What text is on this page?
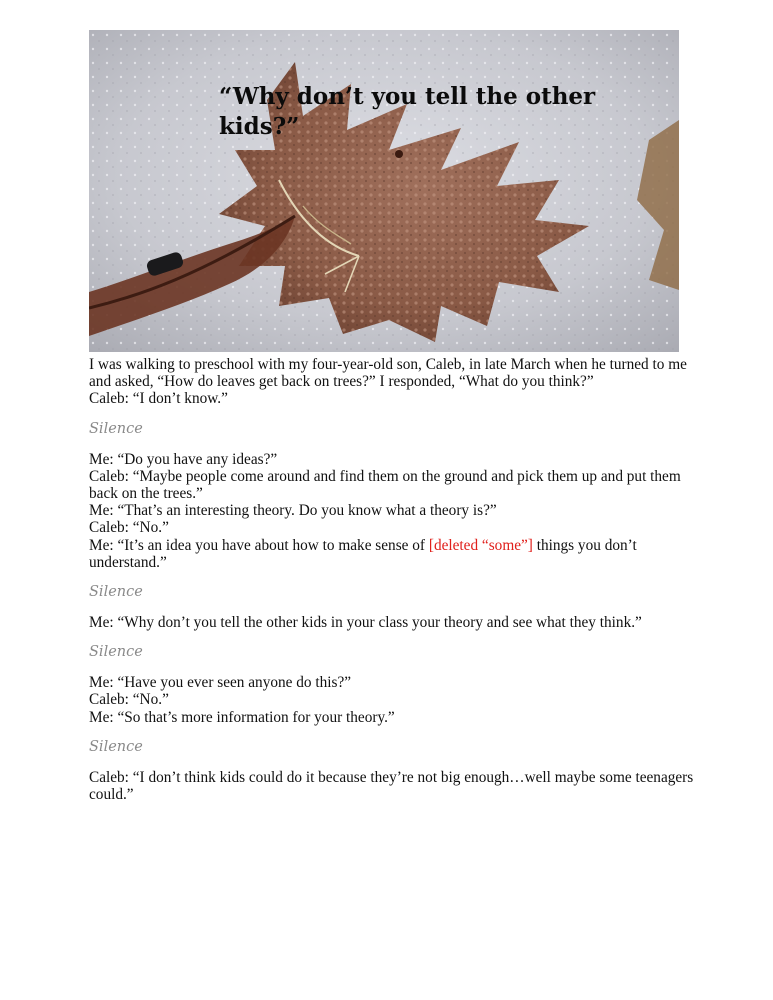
“Why don’t you tell the other kids?”

I was walking to preschool with my four-year-old son, Caleb, in late March when he turned to me and asked, “How do leaves get back on trees?” I responded, “What do you think?”

Caleb: “I don’t know.”

Silence

Me: “Do you have any ideas?”

Caleb: “Maybe people come around and find them on the ground and pick them up and put them back on the trees.”

Me: “That’s an interesting theory. Do you know what a theory is?”

Caleb: “No.”

Me: “It’s an idea you have about how to make sense of [deleted “some”] things you don’t understand.”

Silence

Me: “Why don’t you tell the other kids in your class your theory and see what they think.”

Silence

Me: “Have you ever seen anyone do this?”

Caleb: “No.”

Me: “So that’s more information for your theory.”

Silence

Caleb: “I don’t think kids could do it because they’re not big enough…well maybe some teenagers could.”
